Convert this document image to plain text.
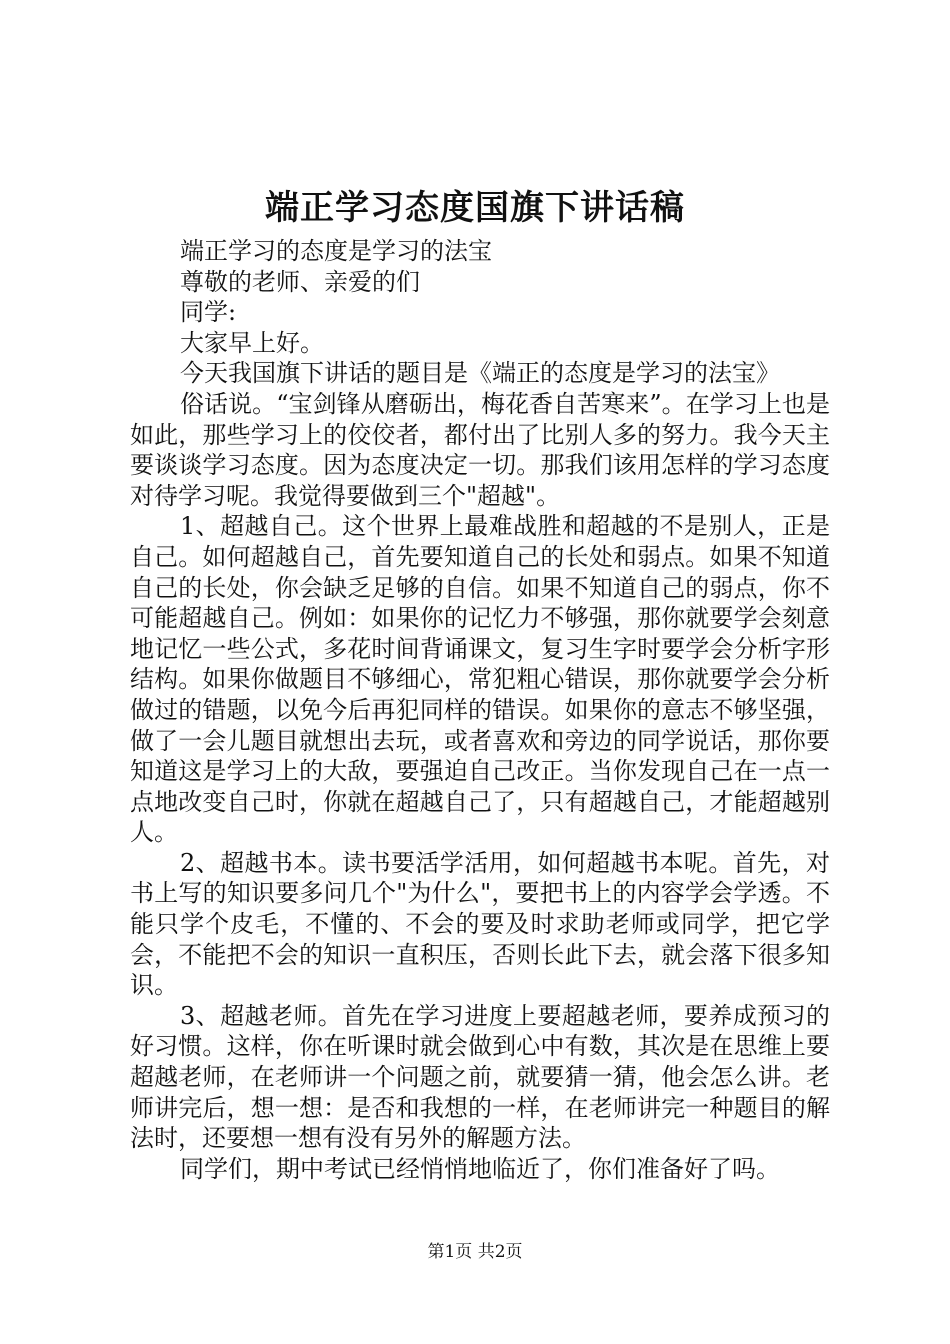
端正学习态度国旗下讲话稿

端正学习的态度是学习的法宝

尊敬的老师、亲爱的们

同学:

大家早上好。

今天我国旗下讲话的题目是《端正的态度是学习的法宝》

俗话说。“宝剑锋从磨砺出，梅花香自苦寒来”。在学习上也是如此，那些学习上的佼佼者，都付出了比别人多的努力。我今天主要谈谈学习态度。因为态度决定一切。那我们该用怎样的学习态度对待学习呢。我觉得要做到三个"超越"。

1、超越自己。这个世界上最难战胜和超越的不是别人，正是自己。如何超越自己，首先要知道自己的长处和弱点。如果不知道自己的长处，你会缺乏足够的自信。如果不知道自己的弱点，你不可能超越自己。例如：如果你的记忆力不够强，那你就要学会刻意地记忆一些公式，多花时间背诵课文，复习生字时要学会分析字形结构。如果你做题目不够细心，常犯粗心错误，那你就要学会分析做过的错题，以免今后再犯同样的错误。如果你的意志不够坚强，做了一会儿题目就想出去玩，或者喜欢和旁边的同学说话，那你要知道这是学习上的大敌，要强迫自己改正。当你发现自己在一点一点地改变自己时，你就在超越自己了，只有超越自己，才能超越别人。

2、超越书本。读书要活学活用，如何超越书本呢。首先，对书上写的知识要多问几个"为什么"，要把书上的内容学会学透。不能只学个皮毛，不懂的、不会的要及时求助老师或同学，把它学会，不能把不会的知识一直积压，否则长此下去，就会落下很多知识。

3、超越老师。首先在学习进度上要超越老师，要养成预习的好习惯。这样，你在听课时就会做到心中有数，其次是在思维上要超越老师，在老师讲一个问题之前，就要猜一猜，他会怎么讲。老师讲完后，想一想：是否和我想的一样，在老师讲完一种题目的解法时，还要想一想有没有另外的解题方法。

同学们，期中考试已经悄悄地临近了，你们准备好了吗。

第1页 共2页
